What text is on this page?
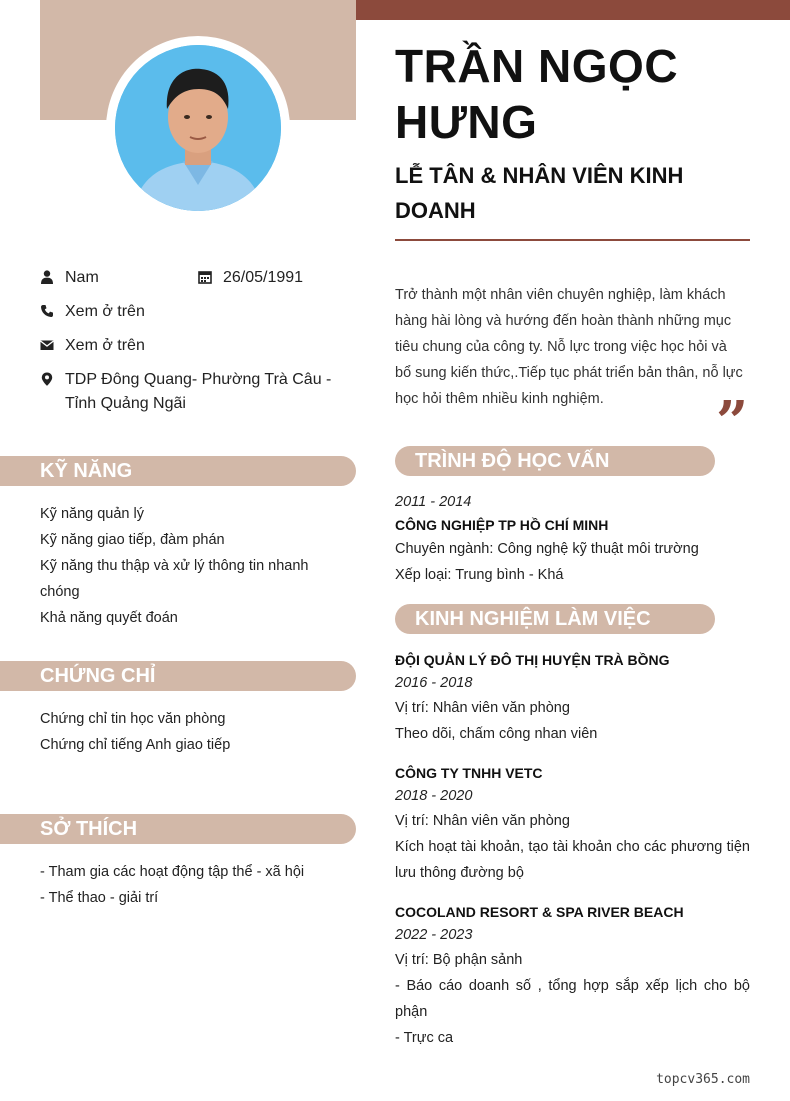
TRẦN NGỌC HƯNG
LỄ TÂN & NHÂN VIÊN KINH DOANH
Nam	26/05/1991
Xem ở trên
Xem ở trên
TDP Đông Quang- Phường Trà Câu - Tỉnh Quảng Ngãi
Trở thành một nhân viên chuyên nghiệp, làm khách hàng hài lòng và hướng đến hoàn thành những mục tiêu chung của công ty. Nỗ lực trong việc học hỏi và bổ sung kiến thức,.Tiếp tục phát triển bản thân, nỗ lực học hỏi thêm nhiều kinh nghiệm.	”
KỸ NĂNG
Kỹ năng quản lý
Kỹ năng giao tiếp, đàm phán
Kỹ năng thu thập và xử lý thông tin nhanh chóng
Khả năng quyết đoán
CHỨNG CHỈ
Chứng chỉ tin học văn phòng
Chứng chỉ tiếng Anh giao tiếp
SỞ THÍCH
- Tham gia các hoạt động tập thể - xã hội
- Thể thao - giải trí
TRÌNH ĐỘ HỌC VẤN
2011 - 2014
CÔNG NGHIỆP TP HỒ CHÍ MINH
Chuyên ngành: Công nghệ kỹ thuật môi trường
Xếp loại: Trung bình - Khá
KINH NGHIỆM LÀM VIỆC
ĐỘI QUẢN LÝ ĐÔ THỊ HUYỆN TRÀ BỒNG
2016 - 2018
Vị trí: Nhân viên văn phòng
Theo dõi, chấm công nhan viên
CÔNG TY TNHH VETC
2018 - 2020
Vị trí: Nhân viên văn phòng
Kích hoạt tài khoản, tạo tài khoản cho các phương tiện lưu thông đường bộ
COCOLAND RESORT & SPA RIVER BEACH
2022 - 2023
Vị trí: Bộ phận sảnh
- Báo cáo doanh số , tổng hợp sắp xếp lịch cho bộ phận
- Trực ca
topcv365.com
